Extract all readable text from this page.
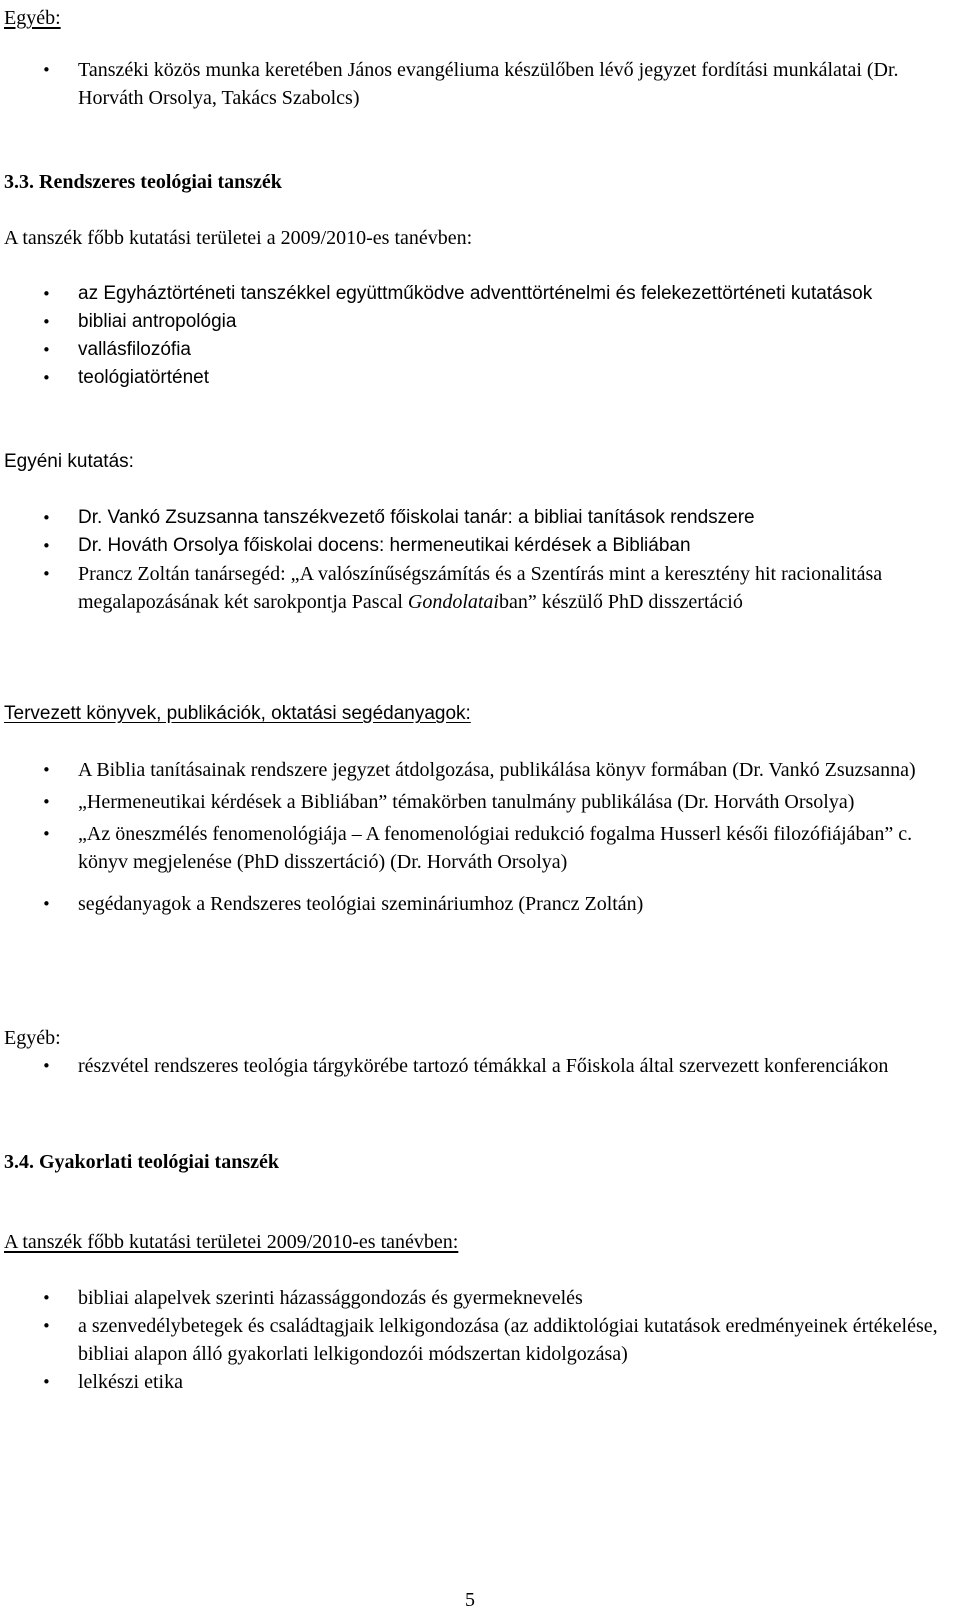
Egyéb:

• Tanszéki közös munka keretében János evangéliuma készülőben lévő jegyzet fordítási munkálatai (Dr. Horváth Orsolya, Takács Szabolcs)

3.3. Rendszeres teológiai tanszék

A tanszék főbb kutatási területei a 2009/2010-es tanévben:

• az Egyháztörténeti tanszékkel együttműködve adventtörténelmi és felekezettörténeti kutatások
• bibliai antropológia
• vallásfilozófia
• teológiatörténet

Egyéni kutatás:

• Dr. Vankó Zsuzsanna tanszékvezető főiskolai tanár: a bibliai tanítások rendszere
• Dr. Hováth Orsolya főiskolai docens: hermeneutikai kérdések a Bibliában
• Prancz Zoltán tanársegéd: „A valószínűségszámítás és a Szentírás mint a keresztény hit racionalitása megalapozásának két sarokpontja Pascal Gondolataiban” készülő PhD disszertáció

Tervezett könyvek, publikációk, oktatási segédanyagok:

• A Biblia tanításainak rendszere jegyzet átdolgozása, publikálása könyv formában (Dr. Vankó Zsuzsanna)
• „Hermeneutikai kérdések a Bibliában” témakörben tanulmány publikálása (Dr. Horváth Orsolya)
• „Az öneszmélés fenomenológiája – A fenomenológiai redukció fogalma Husserl késői filozófiájában” c. könyv megjelenése (PhD disszertáció) (Dr. Horváth Orsolya)
• segédanyagok a Rendszeres teológiai szemináriumhoz (Prancz Zoltán)

Egyéb:

• részvétel rendszeres teológia tárgykörébe tartozó témákkal a Főiskola által szervezett konferenciákon

3.4. Gyakorlati teológiai tanszék

A tanszék főbb kutatási területei 2009/2010-es tanévben:

• bibliai alapelvek szerinti házassággondozás és gyermeknevelés
• a szenvedélybetegek és családtagjaik lelkigondozása (az addiktológiai kutatások eredményeinek értékelése, bibliai alapon álló gyakorlati lelkigondozói módszertan kidolgozása)
• lelkészi etika
5
